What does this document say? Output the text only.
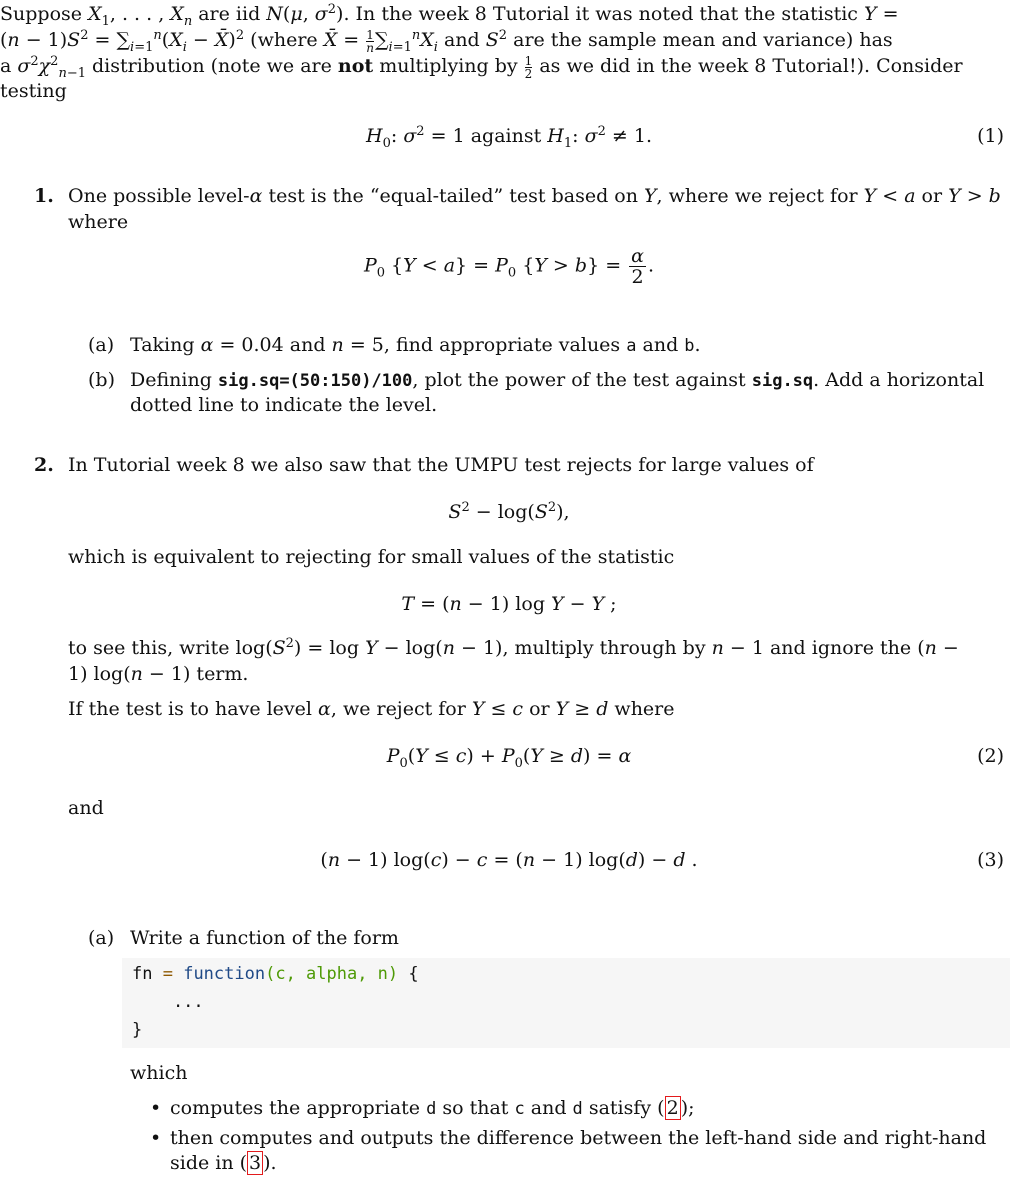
Suppose $X_1$, . . . , $X_n$ are iid N(μ, $\sigma^2$). In the week 8 Tutorial it was noted that the statistic Y =
$(n - 1)S^2 = \sum_{i=1}^n(X_i$ − X̄)$^2$ (where X̄ = $\frac{1}{n} \sum_{i=1}^nX_i$ and $S^2$ are the sample mean and variance) has
a $\sigma^2\chi^2_{n-1}$ distribution (note we are not multiplying by $\frac{1}{2}$ as we did in the week 8 Tutorial!). Consider
testing
$H_0$: $\sigma^2 = 1$ against $H_1$: $\sigma^2 \ne 1$.	(1)
1. One possible level-α test is the “equal-tailed” test based on Y, where we reject for Y < a or Y > b
where
$P_0$ $\{Y < a\} = P_0$ $\{Y > b\} = \frac{\alpha}{2}$ .
(a) Taking α = 0.04 and n = 5, find appropriate values a and b.
(b) Defining sig.sq=(50:150)/100, plot the power of the test against sig.sq. Add a horizontal
dotted line to indicate the level.
2. In Tutorial week 8 we also saw that the UMPU test rejects for large values of
$S^2 - \log(S^2)$,
which is equivalent to rejecting for small values of the statistic
T = (n − 1) log Y − Y ;
to see this, write $\log(S^2) = \log Y - \log(n - 1)$, multiply through by n − 1 and ignore the (n −
1) log(n − 1) term.
If the test is to have level α, we reject for Y ≤ c or Y ≥ d where
$P_0(Y \le c) + P_0(Y \ge d) = \alpha$	(2)
and
(n − 1) log(c) − c = (n − 1) log(d) − d .	(3)
(a) Write a function of the form
fn = function(c, alpha, n) {
...
}
which
• computes the appropriate d so that c and d satisfy ( 2 );
• then computes and outputs the difference between the left-hand side and right-hand
side in ( 3 ).
